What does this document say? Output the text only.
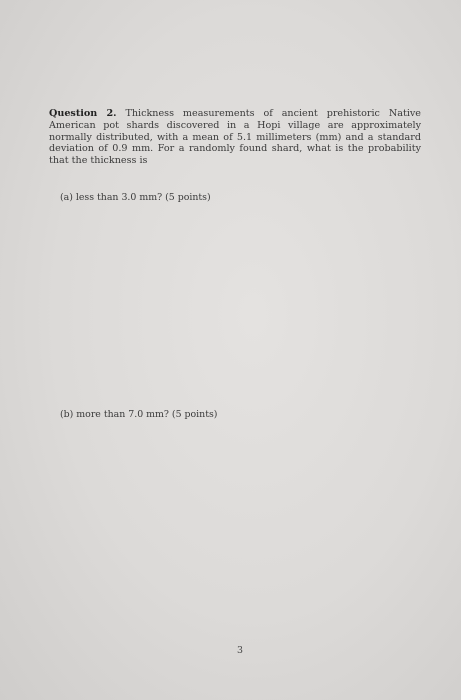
Question 2. Thickness measurements of ancient prehistoric Native American pot shards discovered in a Hopi village are approximately normally distributed, with a mean of 5.1 millimeters (mm) and a standard deviation of 0.9 mm. For a randomly found shard, what is the probability that the thickness is
(a) less than 3.0 mm? (5 points)
(b) more than 7.0 mm? (5 points)
3
